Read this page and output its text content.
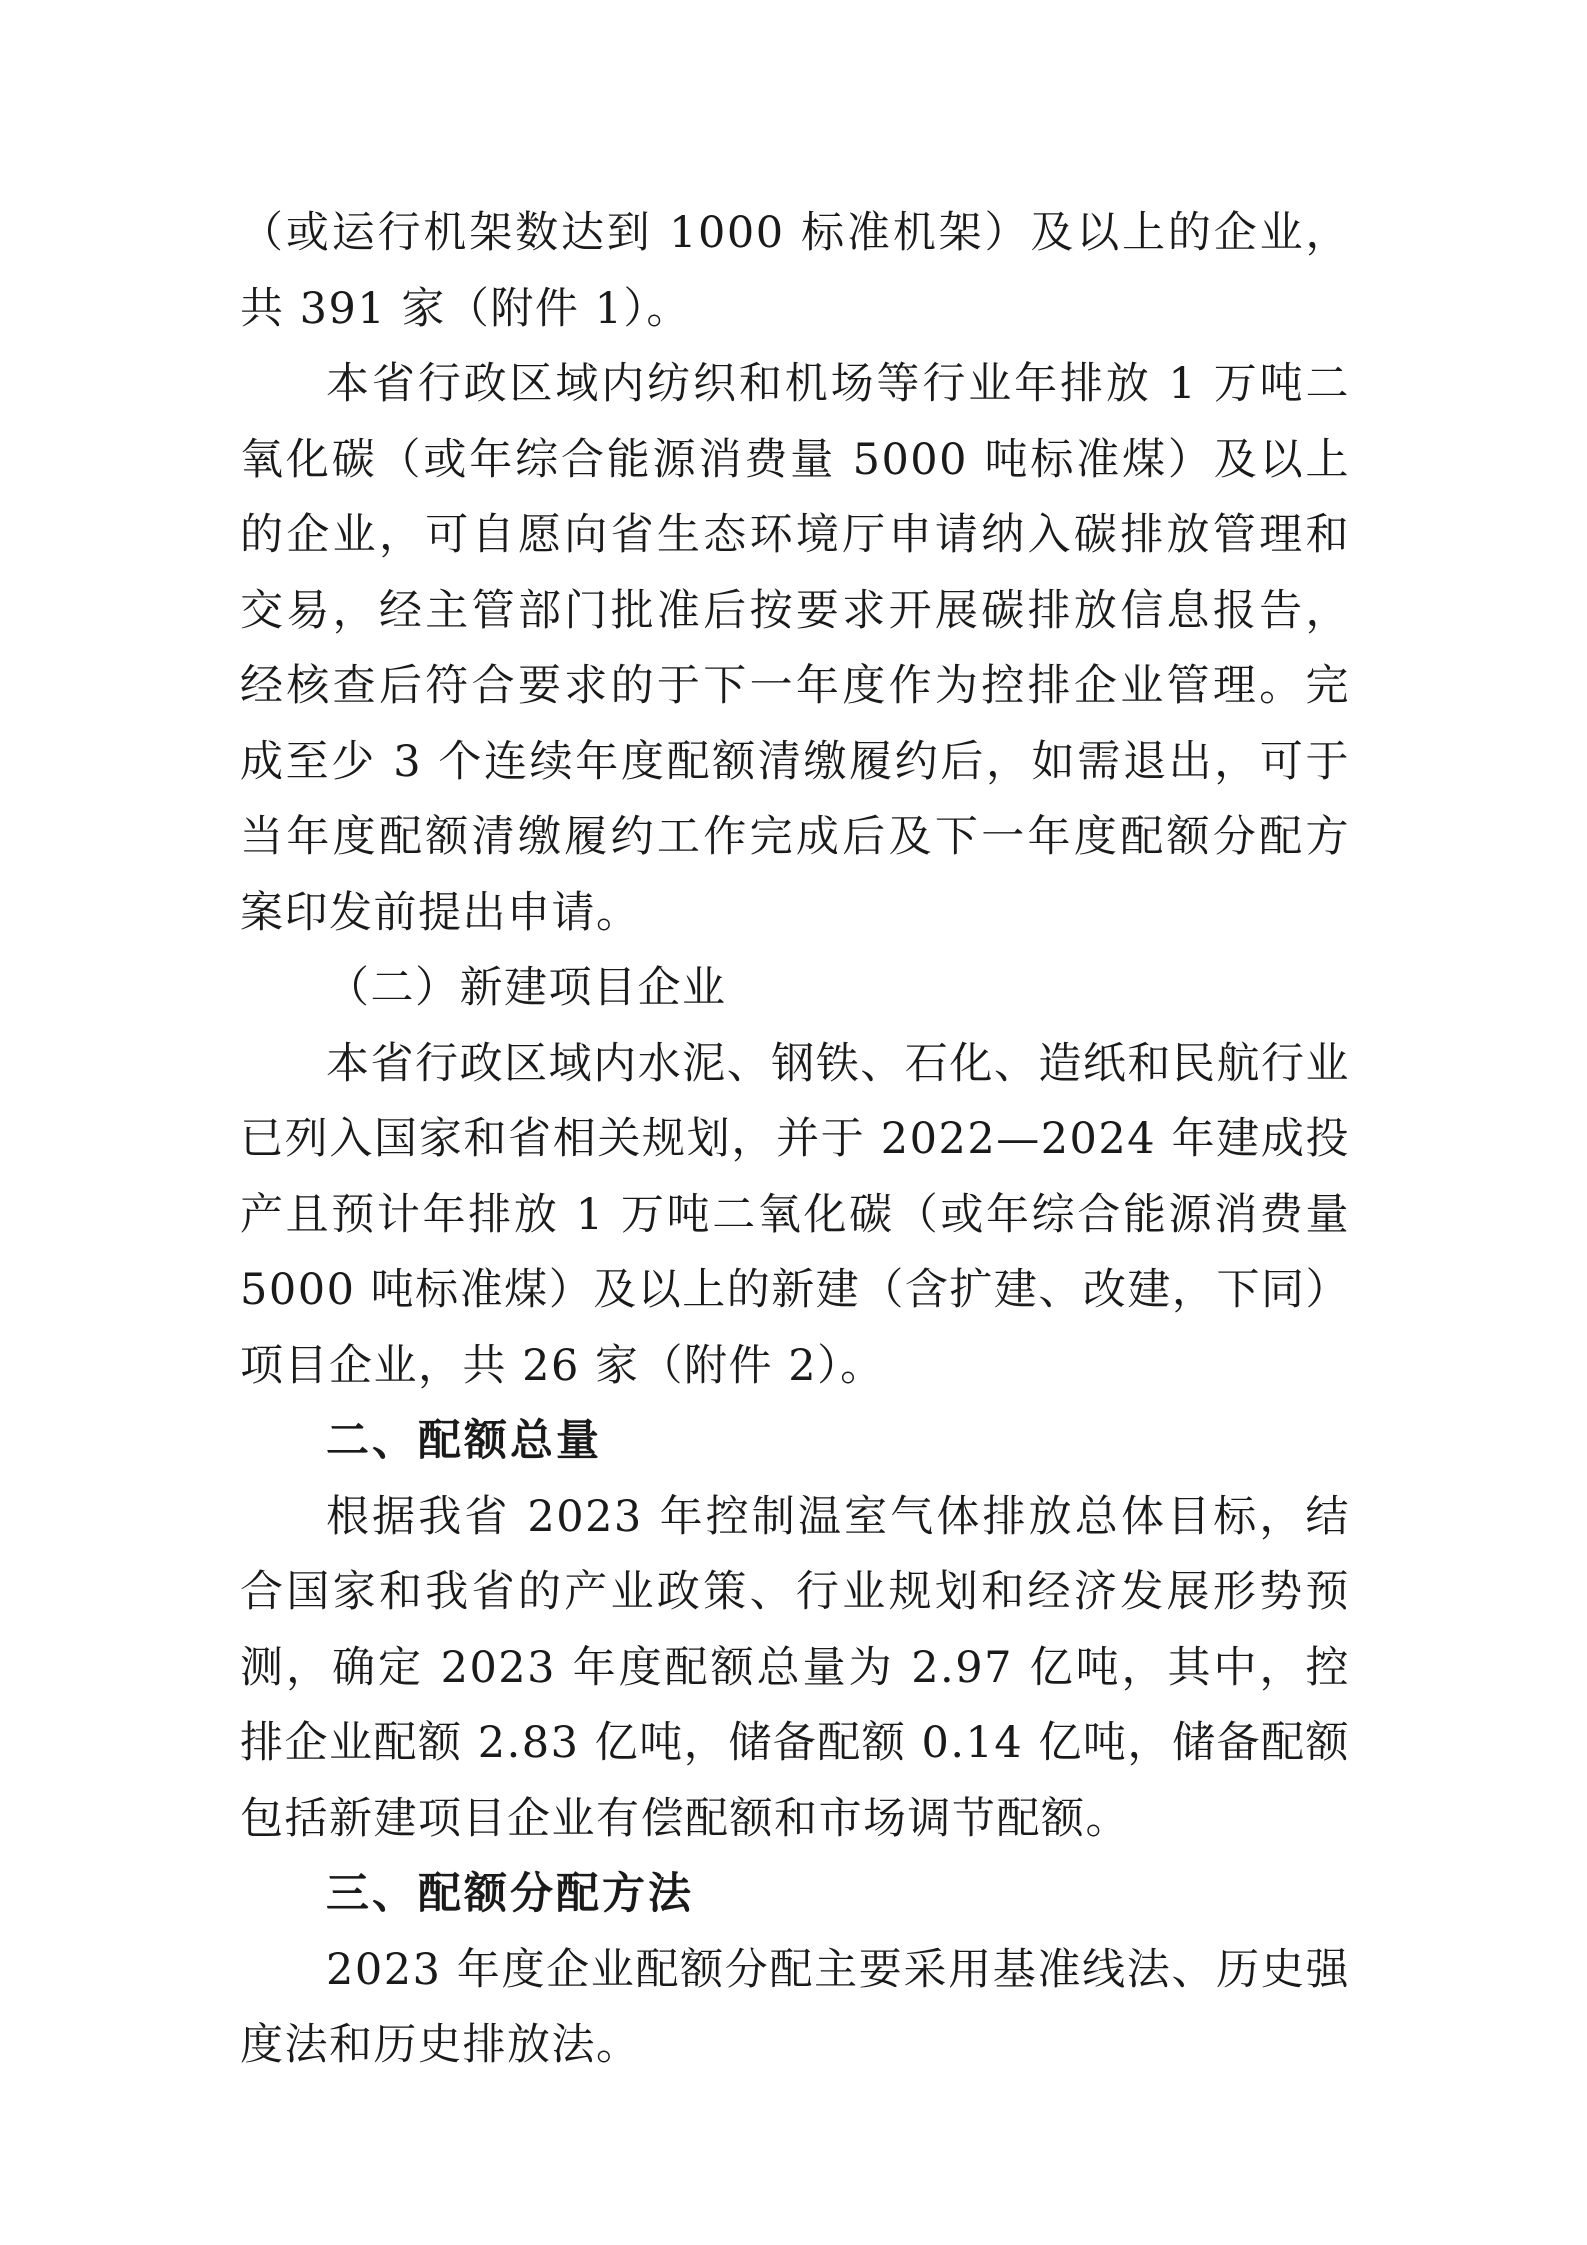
（或运行机架数达到 1000 标准机架）及以上的企业，共 391 家（附件 1）。

本省行政区域内纺织和机场等行业年排放 1 万吨二氧化碳（或年综合能源消费量 5000 吨标准煤）及以上的企业，可自愿向省生态环境厅申请纳入碳排放管理和交易，经主管部门批准后按要求开展碳排放信息报告，经核查后符合要求的于下一年度作为控排企业管理。完成至少 3 个连续年度配额清缴履约后，如需退出，可于当年度配额清缴履约工作完成后及下一年度配额分配方案印发前提出申请。

（二）新建项目企业

本省行政区域内水泥、钢铁、石化、造纸和民航行业已列入国家和省相关规划，并于 2022—2024 年建成投产且预计年排放 1 万吨二氧化碳（或年综合能源消费量 5000 吨标准煤）及以上的新建（含扩建、改建，下同）项目企业，共 26 家（附件 2）。

二、配额总量

根据我省 2023 年控制温室气体排放总体目标，结合国家和我省的产业政策、行业规划和经济发展形势预测，确定 2023 年度配额总量为 2.97 亿吨，其中，控排企业配额 2.83 亿吨，储备配额 0.14 亿吨，储备配额包括新建项目企业有偿配额和市场调节配额。

三、配额分配方法

2023 年度企业配额分配主要采用基准线法、历史强度法和历史排放法。
